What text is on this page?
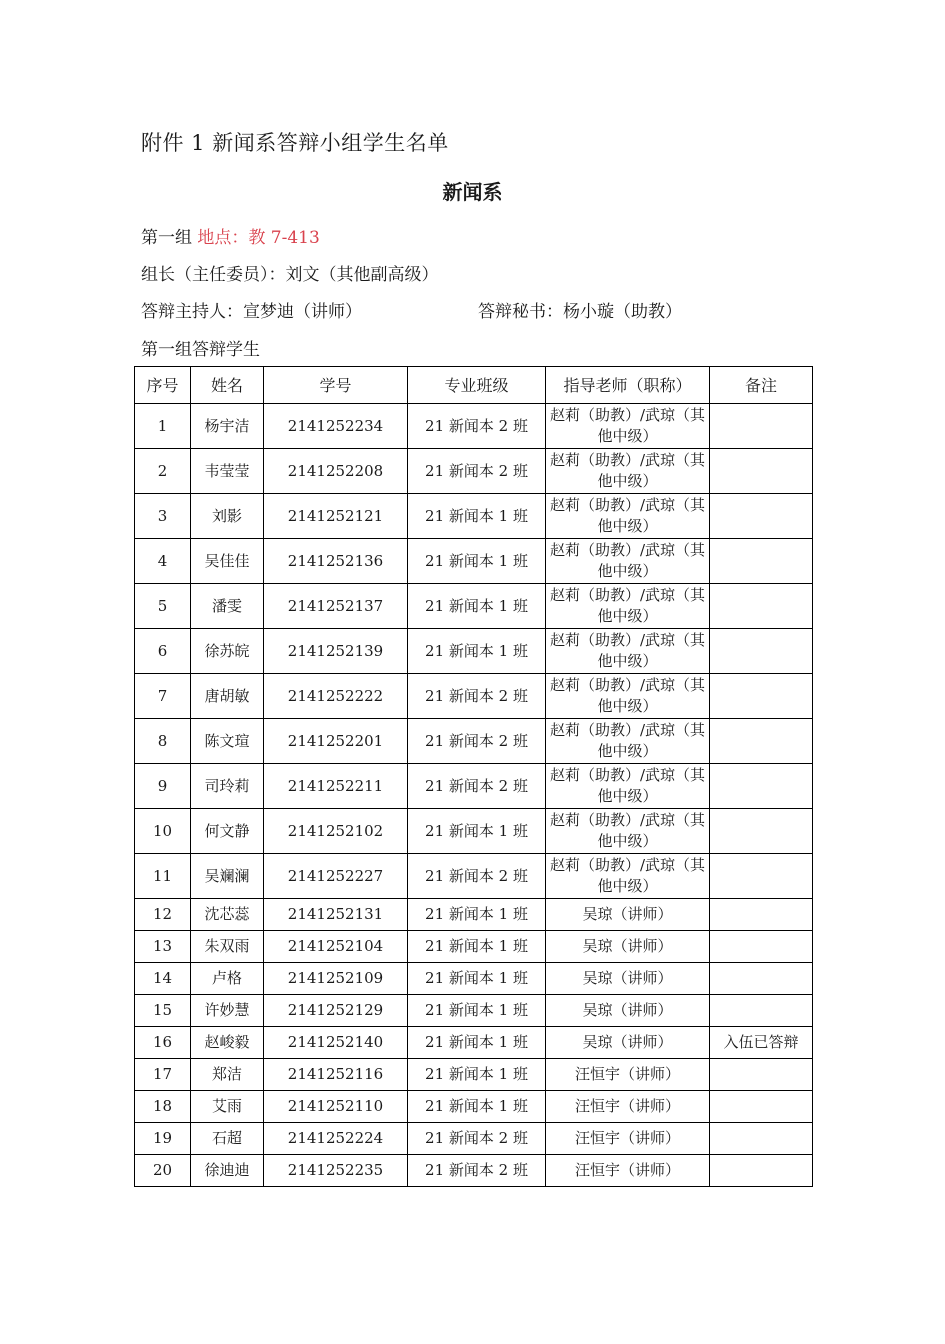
附件 1 新闻系答辩小组学生名单
新闻系
第一组 地点：教 7-413
组长（主任委员）：刘文（其他副高级）
答辩主持人：宣梦迪（讲师）	答辩秘书：杨小璇（助教）
第一组答辩学生
序号	姓名	学号	专业班级	指导老师（职称）	备注
1	杨宇洁	2141252234	21 新闻本 2 班	赵莉（助教）/武琼（其他中级）	
2	韦莹莹	2141252208	21 新闻本 2 班	赵莉（助教）/武琼（其他中级）	
3	刘影	2141252121	21 新闻本 1 班	赵莉（助教）/武琼（其他中级）	
4	吴佳佳	2141252136	21 新闻本 1 班	赵莉（助教）/武琼（其他中级）	
5	潘雯	2141252137	21 新闻本 1 班	赵莉（助教）/武琼（其他中级）	
6	徐苏皖	2141252139	21 新闻本 1 班	赵莉（助教）/武琼（其他中级）	
7	唐胡敏	2141252222	21 新闻本 2 班	赵莉（助教）/武琼（其他中级）	
8	陈文瑄	2141252201	21 新闻本 2 班	赵莉（助教）/武琼（其他中级）	
9	司玲莉	2141252211	21 新闻本 2 班	赵莉（助教）/武琼（其他中级）	
10	何文静	2141252102	21 新闻本 1 班	赵莉（助教）/武琼（其他中级）	
11	吴斓澜	2141252227	21 新闻本 2 班	赵莉（助教）/武琼（其他中级）	
12	沈芯蕊	2141252131	21 新闻本 1 班	吴琼（讲师）	
13	朱双雨	2141252104	21 新闻本 1 班	吴琼（讲师）	
14	卢格	2141252109	21 新闻本 1 班	吴琼（讲师）	
15	许妙慧	2141252129	21 新闻本 1 班	吴琼（讲师）	
16	赵峻毅	2141252140	21 新闻本 1 班	吴琼（讲师）	入伍已答辩
17	郑洁	2141252116	21 新闻本 1 班	汪恒宇（讲师）	
18	艾雨	2141252110	21 新闻本 1 班	汪恒宇（讲师）	
19	石超	2141252224	21 新闻本 2 班	汪恒宇（讲师）	
20	徐迪迪	2141252235	21 新闻本 2 班	汪恒宇（讲师）	
